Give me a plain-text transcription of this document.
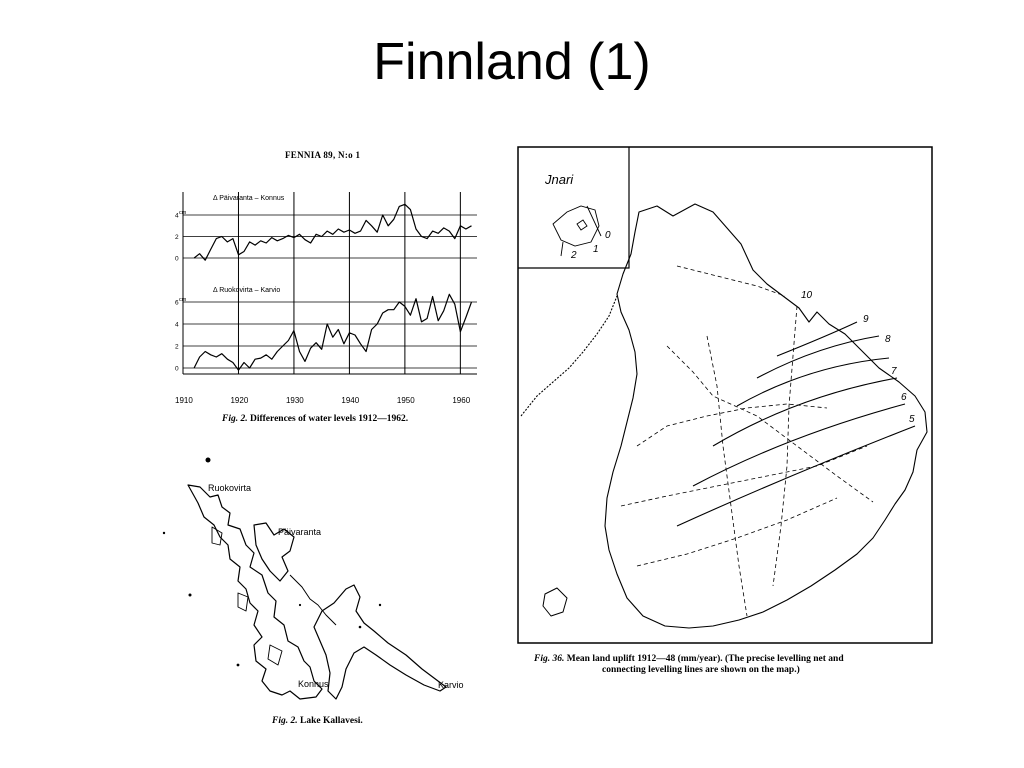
Finnland (1)
FENNIA 89, N:o 1
1910	1920	1930	1940	1950	1960
4 cm
2
0
Δ Päivaranta – Konnus
6 cm
4
2
0
Δ Ruokovirta – Karvio
Fig. 2. Differences of water levels 1912—1962.
Ruokovirta
Päivaranta
Konnus	Karvio
Fig. 2. Lake Kallavesi.
Jnari
0
1
2
10
9
8
7
6
5
Fig. 36. Mean land uplift 1912—48 (mm/year). (The precise levelling net and
connecting levelling lines are shown on the map.)
